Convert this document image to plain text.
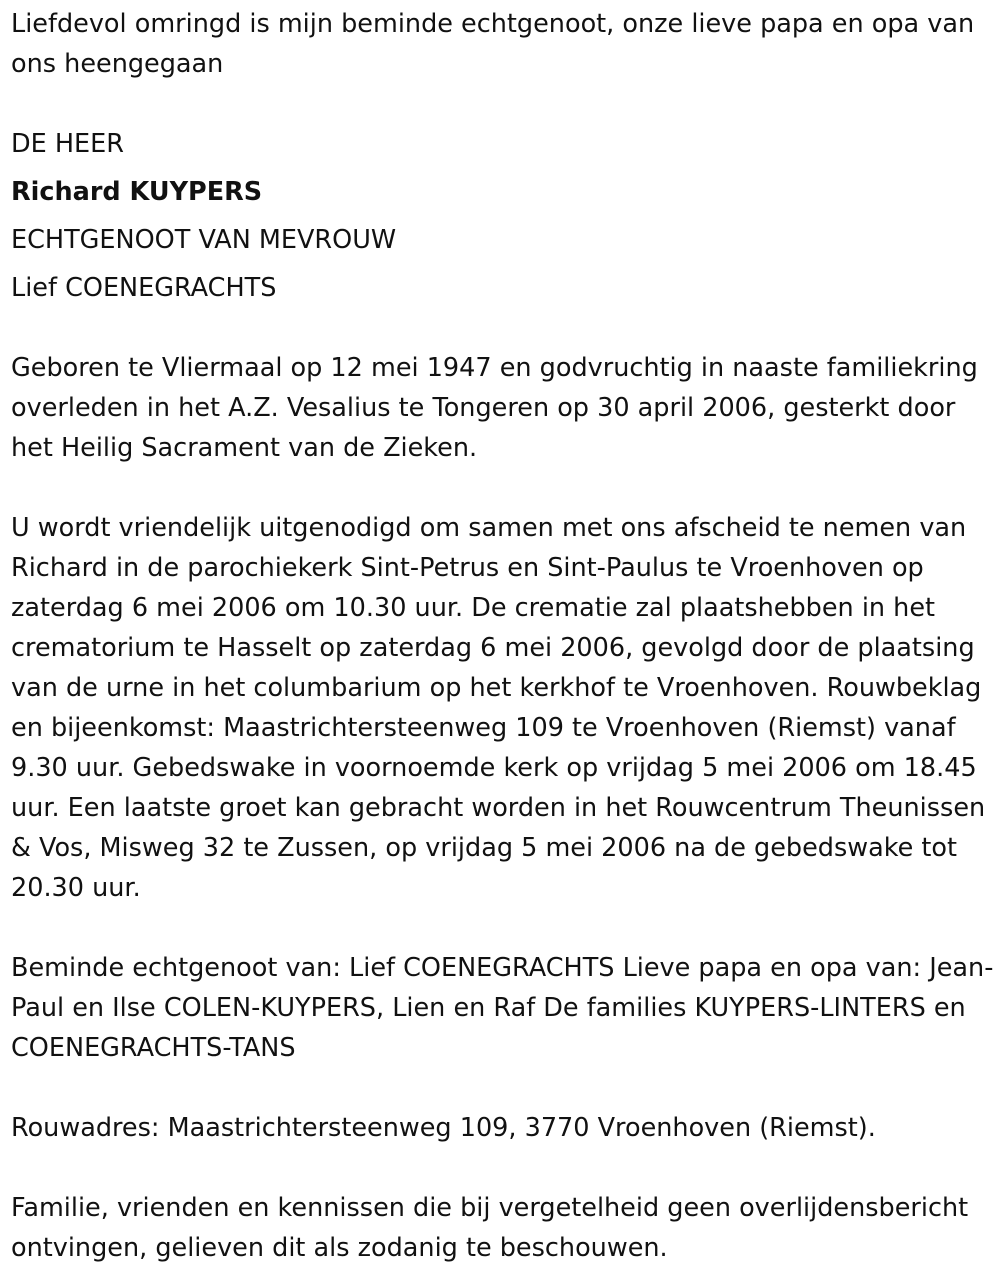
Liefdevol omringd is mijn beminde echtgenoot, onze lieve papa en opa van ons heengegaan

DE HEER

Richard KUYPERS

ECHTGENOOT VAN MEVROUW

Lief COENEGRACHTS

Geboren te Vliermaal op 12 mei 1947 en godvruchtig in naaste familiekring overleden in het A.Z. Vesalius te Tongeren op 30 april 2006, gesterkt door het Heilig Sacrament van de Zieken.

U wordt vriendelijk uitgenodigd om samen met ons afscheid te nemen van Richard in de parochiekerk Sint-Petrus en Sint-Paulus te Vroenhoven op zaterdag 6 mei 2006 om 10.30 uur. De crematie zal plaatshebben in het crematorium te Hasselt op zaterdag 6 mei 2006, gevolgd door de plaatsing van de urne in het columbarium op het kerkhof te Vroenhoven. Rouwbeklag en bijeenkomst: Maastrichtersteenweg 109 te Vroenhoven (Riemst) vanaf 9.30 uur. Gebedswake in voornoemde kerk op vrijdag 5 mei 2006 om 18.45 uur. Een laatste groet kan gebracht worden in het Rouwcentrum Theunissen & Vos, Misweg 32 te Zussen, op vrijdag 5 mei 2006 na de gebedswake tot 20.30 uur.

Beminde echtgenoot van: Lief COENEGRACHTS Lieve papa en opa van: Jean-Paul en Ilse COLEN-KUYPERS, Lien en Raf De families KUYPERS-LINTERS en COENEGRACHTS-TANS

Rouwadres: Maastrichtersteenweg 109, 3770 Vroenhoven (Riemst).

Familie, vrienden en kennissen die bij vergetelheid geen overlijdensbericht ontvingen, gelieven dit als zodanig te beschouwen.
